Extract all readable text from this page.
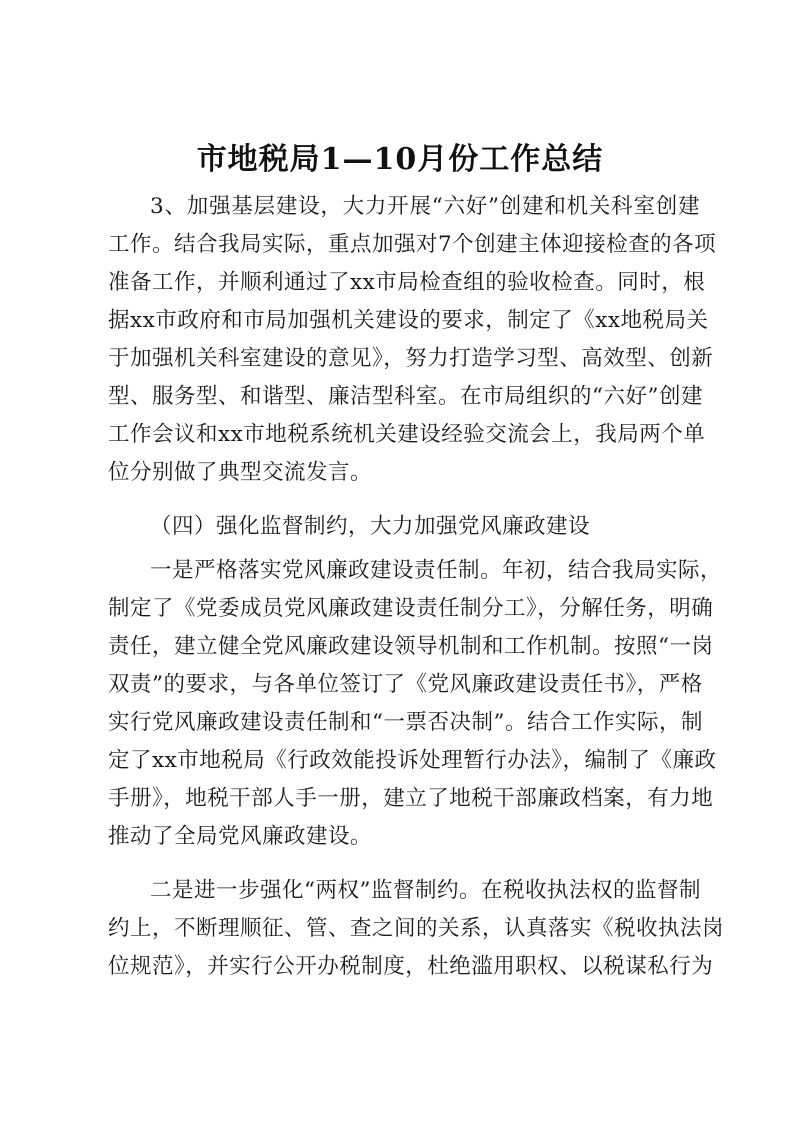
市地税局1—10月份工作总结
3、加强基层建设，大力开展“六好”创建和机关科室创建
工作。结合我局实际，重点加强对7个创建主体迎接检查的各项
准备工作，并顺利通过了xx市局检查组的验收检查。同时，根
据xx市政府和市局加强机关建设的要求，制定了《xx地税局关
于加强机关科室建设的意见》，努力打造学习型、高效型、创新
型、服务型、和谐型、廉洁型科室。在市局组织的“六好”创建
工作会议和xx市地税系统机关建设经验交流会上，我局两个单
位分别做了典型交流发言。
（四）强化监督制约，大力加强党风廉政建设
一是严格落实党风廉政建设责任制。年初，结合我局实际，
制定了《党委成员党风廉政建设责任制分工》，分解任务，明确
责任，建立健全党风廉政建设领导机制和工作机制。按照“一岗
双责”的要求，与各单位签订了《党风廉政建设责任书》，严格
实行党风廉政建设责任制和“一票否决制”。结合工作实际，制
定了xx市地税局《行政效能投诉处理暂行办法》，编制了《廉政
手册》，地税干部人手一册，建立了地税干部廉政档案，有力地
推动了全局党风廉政建设。
二是进一步强化“两权”监督制约。在税收执法权的监督制
约上，不断理顺征、管、查之间的关系，认真落实《税收执法岗
位规范》，并实行公开办税制度，杜绝滥用职权、以税谋私行为
